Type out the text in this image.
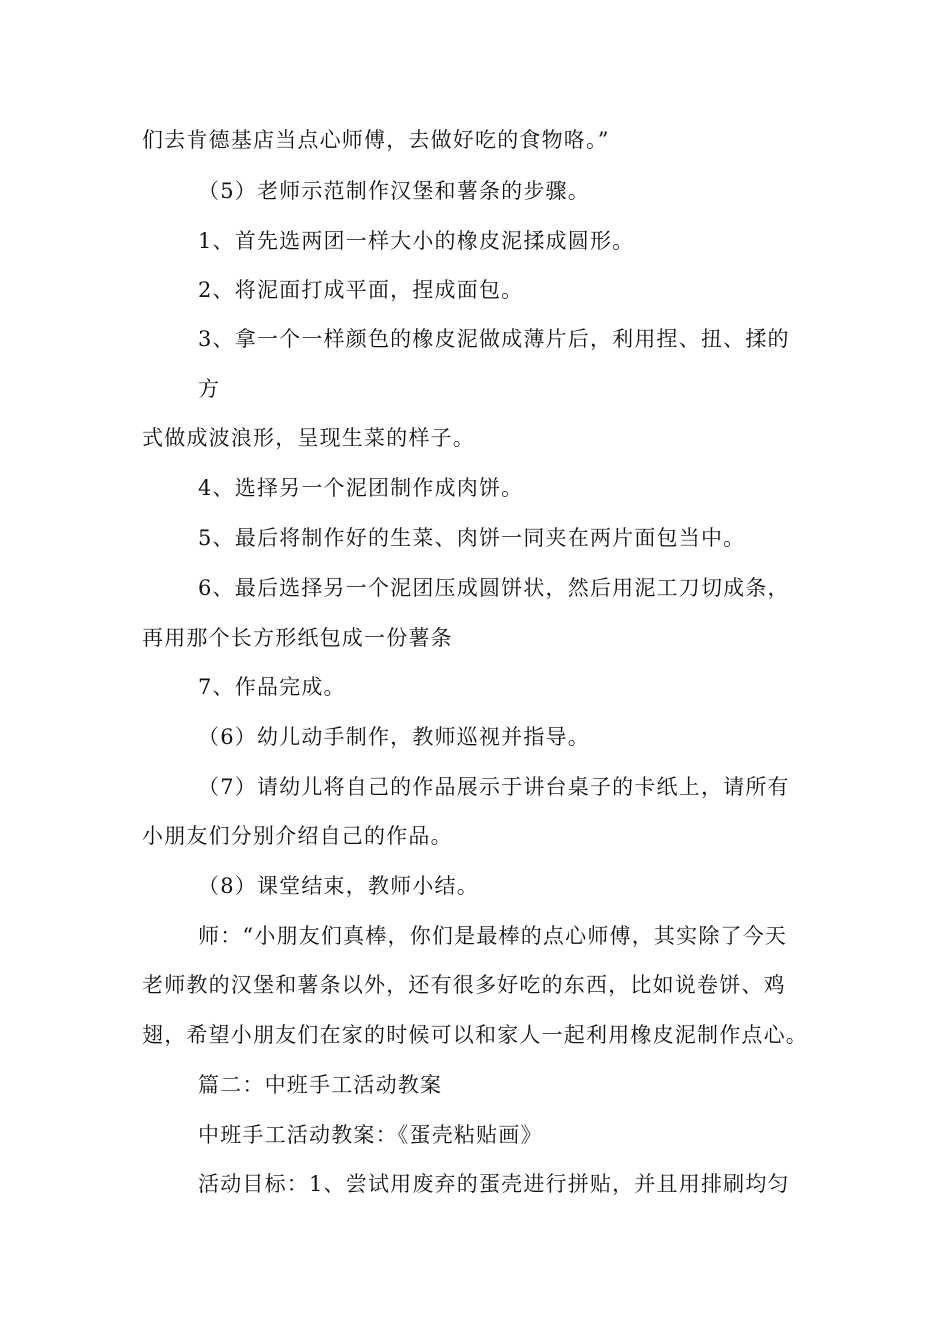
们去肯德基店当点心师傅，去做好吃的食物咯。”
（5）老师示范制作汉堡和薯条的步骤。
1、首先选两团一样大小的橡皮泥揉成圆形。
2、将泥面打成平面，捏成面包。
3、拿一个一样颜色的橡皮泥做成薄片后，利用捏、扭、揉的
方
式做成波浪形，呈现生菜的样子。
4、选择另一个泥团制作成肉饼。
5、最后将制作好的生菜、肉饼一同夹在两片面包当中。
6、最后选择另一个泥团压成圆饼状，然后用泥工刀切成条，
再用那个长方形纸包成一份薯条
7、作品完成。
（6）幼儿动手制作，教师巡视并指导。
（7）请幼儿将自己的作品展示于讲台桌子的卡纸上，请所有
小朋友们分别介绍自己的作品。
（8）课堂结束，教师小结。
师：“小朋友们真棒，你们是最棒的点心师傅，其实除了今天
老师教的汉堡和薯条以外，还有很多好吃的东西，比如说卷饼、鸡
翅，希望小朋友们在家的时候可以和家人一起利用橡皮泥制作点心。
篇二：中班手工活动教案
中班手工活动教案：《蛋壳粘贴画》
活动目标：1、尝试用废弃的蛋壳进行拼贴，并且用排刷均匀
